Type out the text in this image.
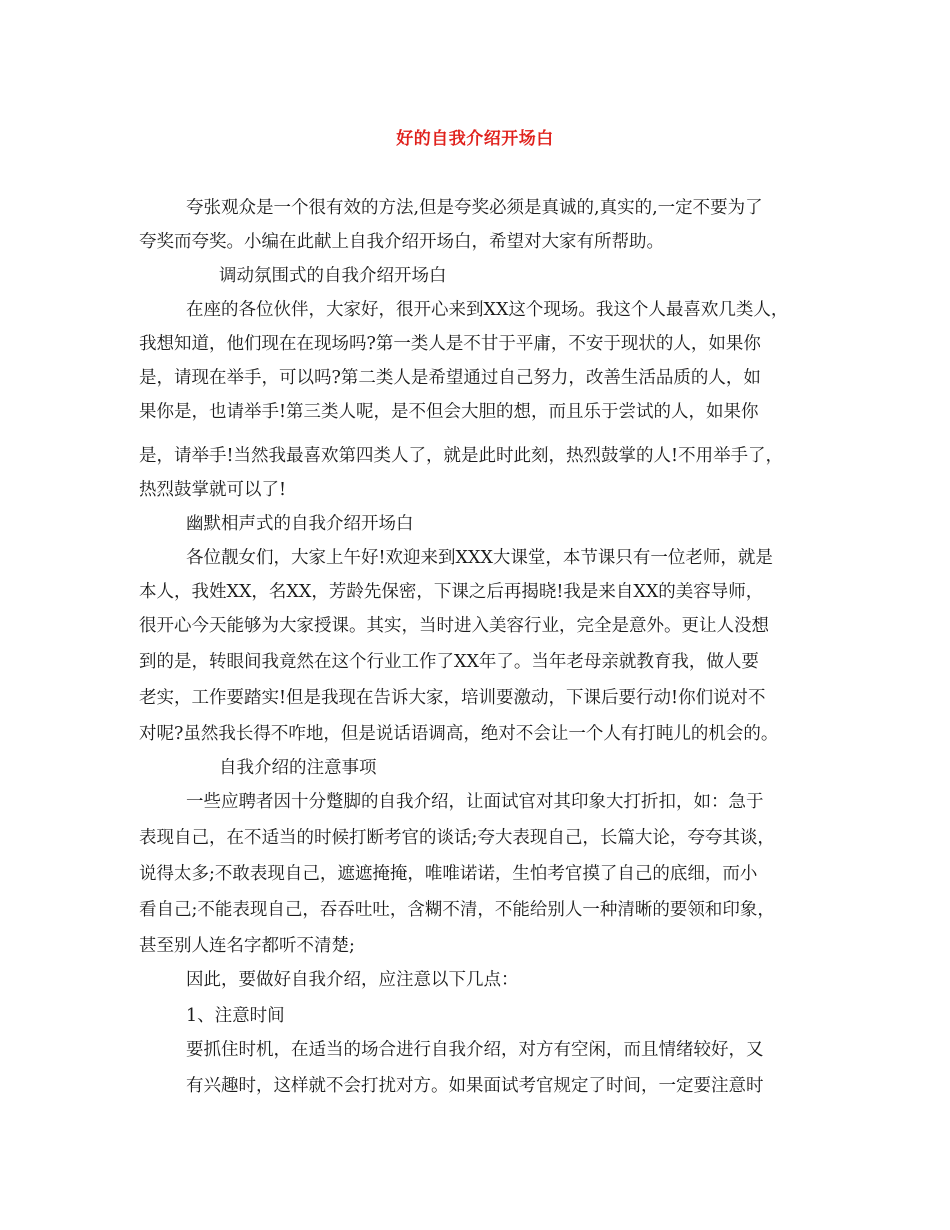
好的自我介绍开场白
夸张观众是一个很有效的方法,但是夸奖必须是真诚的,真实的,一定不要为了
夸奖而夸奖。小编在此献上自我介绍开场白，希望对大家有所帮助。
调动氛围式的自我介绍开场白
在座的各位伙伴，大家好，很开心来到XX这个现场。我这个人最喜欢几类人，
我想知道，他们现在在现场吗?第一类人是不甘于平庸，不安于现状的人，如果你
是，请现在举手，可以吗?第二类人是希望通过自己努力，改善生活品质的人，如
果你是，也请举手!第三类人呢，是不但会大胆的想，而且乐于尝试的人，如果你
是，请举手!当然我最喜欢第四类人了，就是此时此刻，热烈鼓掌的人!不用举手了，
热烈鼓掌就可以了!
幽默相声式的自我介绍开场白
各位靓女们，大家上午好!欢迎来到XXX大课堂，本节课只有一位老师，就是
本人，我姓XX，名XX，芳龄先保密，下课之后再揭晓!我是来自XX的美容导师，
很开心今天能够为大家授课。其实，当时进入美容行业，完全是意外。更让人没想
到的是，转眼间我竟然在这个行业工作了XX年了。当年老母亲就教育我，做人要
老实，工作要踏实!但是我现在告诉大家，培训要激动，下课后要行动!你们说对不
对呢?虽然我长得不咋地，但是说话语调高，绝对不会让一个人有打盹儿的机会的。
自我介绍的注意事项
一些应聘者因十分蹩脚的自我介绍，让面试官对其印象大打折扣，如：急于
表现自己，在不适当的时候打断考官的谈话;夸大表现自己，长篇大论，夸夸其谈，
说得太多;不敢表现自己，遮遮掩掩，唯唯诺诺，生怕考官摸了自己的底细，而小
看自己;不能表现自己，吞吞吐吐，含糊不清，不能给别人一种清晰的要领和印象，
甚至别人连名字都听不清楚;
因此，要做好自我介绍，应注意以下几点：
1、注意时间
要抓住时机，在适当的场合进行自我介绍，对方有空闲，而且情绪较好，又
有兴趣时，这样就不会打扰对方。如果面试考官规定了时间，一定要注意时
